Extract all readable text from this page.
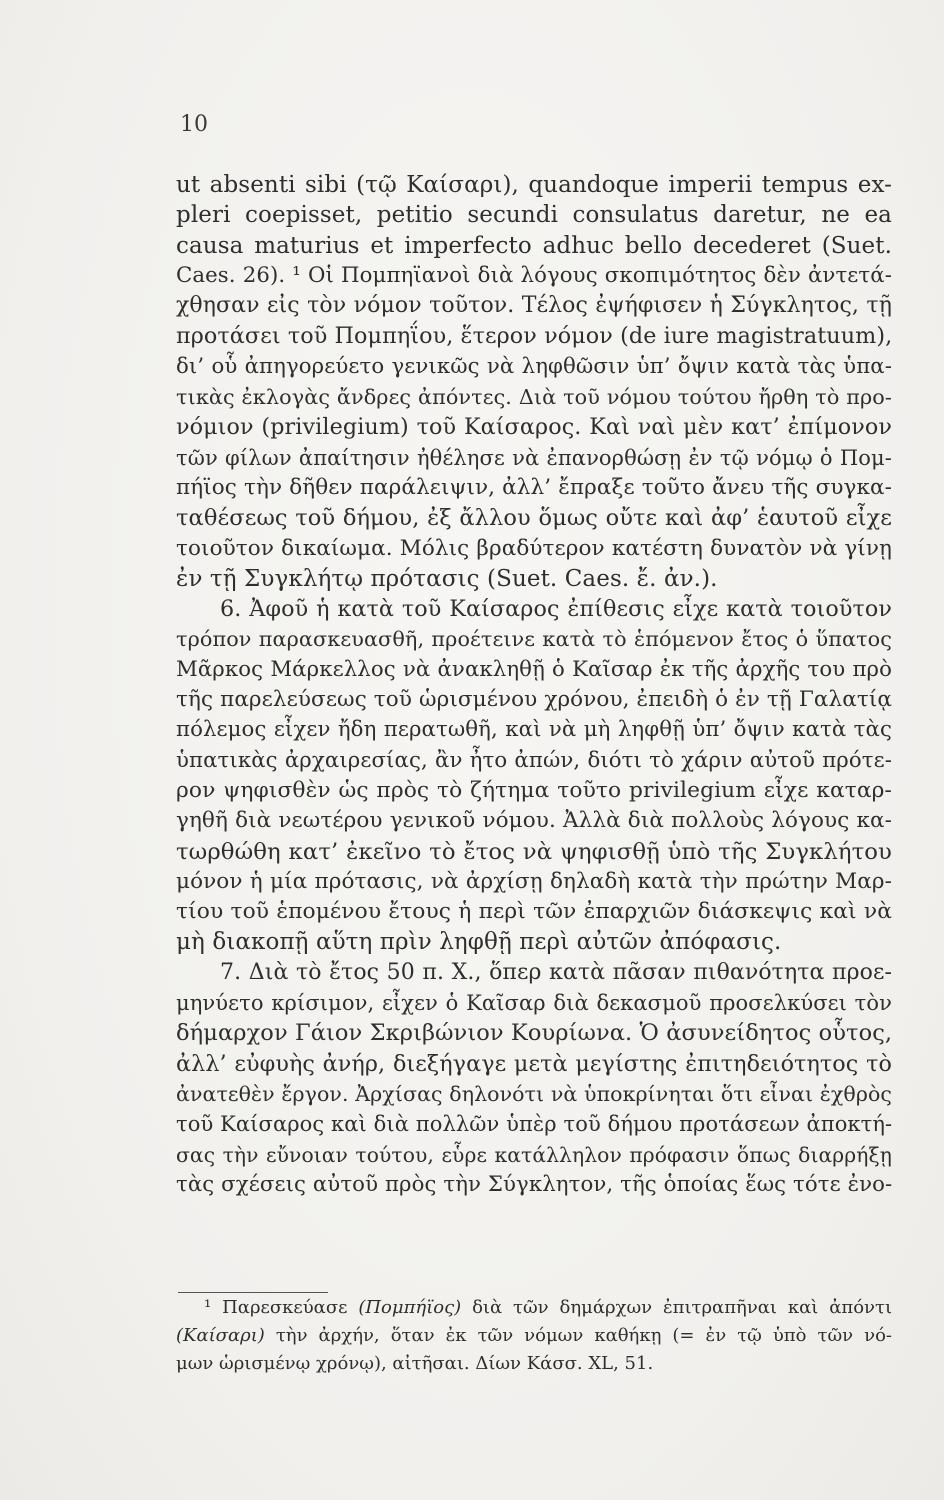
10
ut absenti sibi (τῷ Καίσαρι), quandoque imperii tempus ex-
pleri coepisset, petitio secundi consulatus daretur, ne ea
causa maturius et imperfecto adhuc bello decederet (Suet.
Caes. 26). ¹ Οἱ Πομπηϊανοὶ διὰ λόγους σκοπιμότητος δὲν ἀντετά-
χθησαν εἰς τὸν νόμον τοῦτον. Τέλος ἐψήφισεν ἡ Σύγκλητος, τῇ
προτάσει τοῦ Πομπηΐου, ἕτερον νόμον (de iure magistratuum),
δι’ οὗ ἀπηγορεύετο γενικῶς νὰ ληφθῶσιν ὑπ’ ὄψιν κατὰ τὰς ὑπα-
τικὰς ἐκλογὰς ἄνδρες ἀπόντες. Διὰ τοῦ νόμου τούτου ἤρθη τὸ προ-
νόμιον (privilegium) τοῦ Καίσαρος. Καὶ ναὶ μὲν κατ’ ἐπίμονον
τῶν φίλων ἀπαίτησιν ἠθέλησε νὰ ἐπανορθώσῃ ἐν τῷ νόμῳ ὁ Πομ-
πήϊος τὴν δῆθεν παράλειψιν, ἀλλ’ ἔπραξε τοῦτο ἄνευ τῆς συγκα-
ταθέσεως τοῦ δήμου, ἐξ ἄλλου ὅμως οὔτε καὶ ἀφ’ ἑαυτοῦ εἶχε
τοιοῦτον δικαίωμα. Μόλις βραδύτερον κατέστη δυνατὸν νὰ γίνῃ
ἐν τῇ Συγκλήτῳ πρότασις (Suet. Caes. ἔ. ἀν.).
6. Ἀφοῦ ἡ κατὰ τοῦ Καίσαρος ἐπίθεσις εἶχε κατὰ τοιοῦτον
τρόπον παρασκευασθῆ, προέτεινε κατὰ τὸ ἑπόμενον ἔτος ὁ ὕπατος
Μᾶρκος Μάρκελλος νὰ ἀνακληθῇ ὁ Καῖσαρ ἐκ τῆς ἀρχῆς του πρὸ
τῆς παρελεύσεως τοῦ ὡρισμένου χρόνου, ἐπειδὴ ὁ ἐν τῇ Γαλατίᾳ
πόλεμος εἶχεν ἤδη περατωθῆ, καὶ νὰ μὴ ληφθῇ ὑπ’ ὄψιν κατὰ τὰς
ὑπατικὰς ἀρχαιρεσίας, ἂν ἦτο ἀπών, διότι τὸ χάριν αὐτοῦ πρότε-
ρον ψηφισθὲν ὡς πρὸς τὸ ζήτημα τοῦτο privilegium εἶχε καταρ-
γηθῆ διὰ νεωτέρου γενικοῦ νόμου. Ἀλλὰ διὰ πολλοὺς λόγους κα-
τωρθώθη κατ’ ἐκεῖνο τὸ ἔτος νὰ ψηφισθῇ ὑπὸ τῆς Συγκλήτου
μόνον ἡ μία πρότασις, νὰ ἀρχίσῃ δηλαδὴ κατὰ τὴν πρώτην Μαρ-
τίου τοῦ ἑπομένου ἔτους ἡ περὶ τῶν ἐπαρχιῶν διάσκεψις καὶ νὰ
μὴ διακοπῇ αὕτη πρὶν ληφθῇ περὶ αὐτῶν ἀπόφασις.
7. Διὰ τὸ ἔτος 50 π. Χ., ὅπερ κατὰ πᾶσαν πιθανότητα προε-
μηνύετο κρίσιμον, εἶχεν ὁ Καῖσαρ διὰ δεκασμοῦ προσελκύσει τὸν
δήμαρχον Γάιον Σκριβώνιον Κουρίωνα. Ὁ ἀσυνείδητος οὗτος,
ἀλλ’ εὐφυὴς ἀνήρ, διεξήγαγε μετὰ μεγίστης ἐπιτηδειότητος τὸ
ἀνατεθὲν ἔργον. Ἀρχίσας δηλονότι νὰ ὑποκρίνηται ὅτι εἶναι ἐχθρὸς
τοῦ Καίσαρος καὶ διὰ πολλῶν ὑπὲρ τοῦ δήμου προτάσεων ἀποκτή-
σας τὴν εὔνοιαν τούτου, εὗρε κατάλληλον πρόφασιν ὅπως διαρρήξῃ
τὰς σχέσεις αὐτοῦ πρὸς τὴν Σύγκλητον, τῆς ὁποίας ἕως τότε ἐνο-
¹ Παρεσκεύασε (Πομπήϊος) διὰ τῶν δημάρχων ἐπιτραπῆναι καὶ ἀπόντι
(Καίσαρι) τὴν ἀρχήν, ὅταν ἐκ τῶν νόμων καθήκῃ (= ἐν τῷ ὑπὸ τῶν νό-
μων ὡρισμένῳ χρόνῳ), αἰτῆσαι. Δίων Κάσσ. XL, 51.
